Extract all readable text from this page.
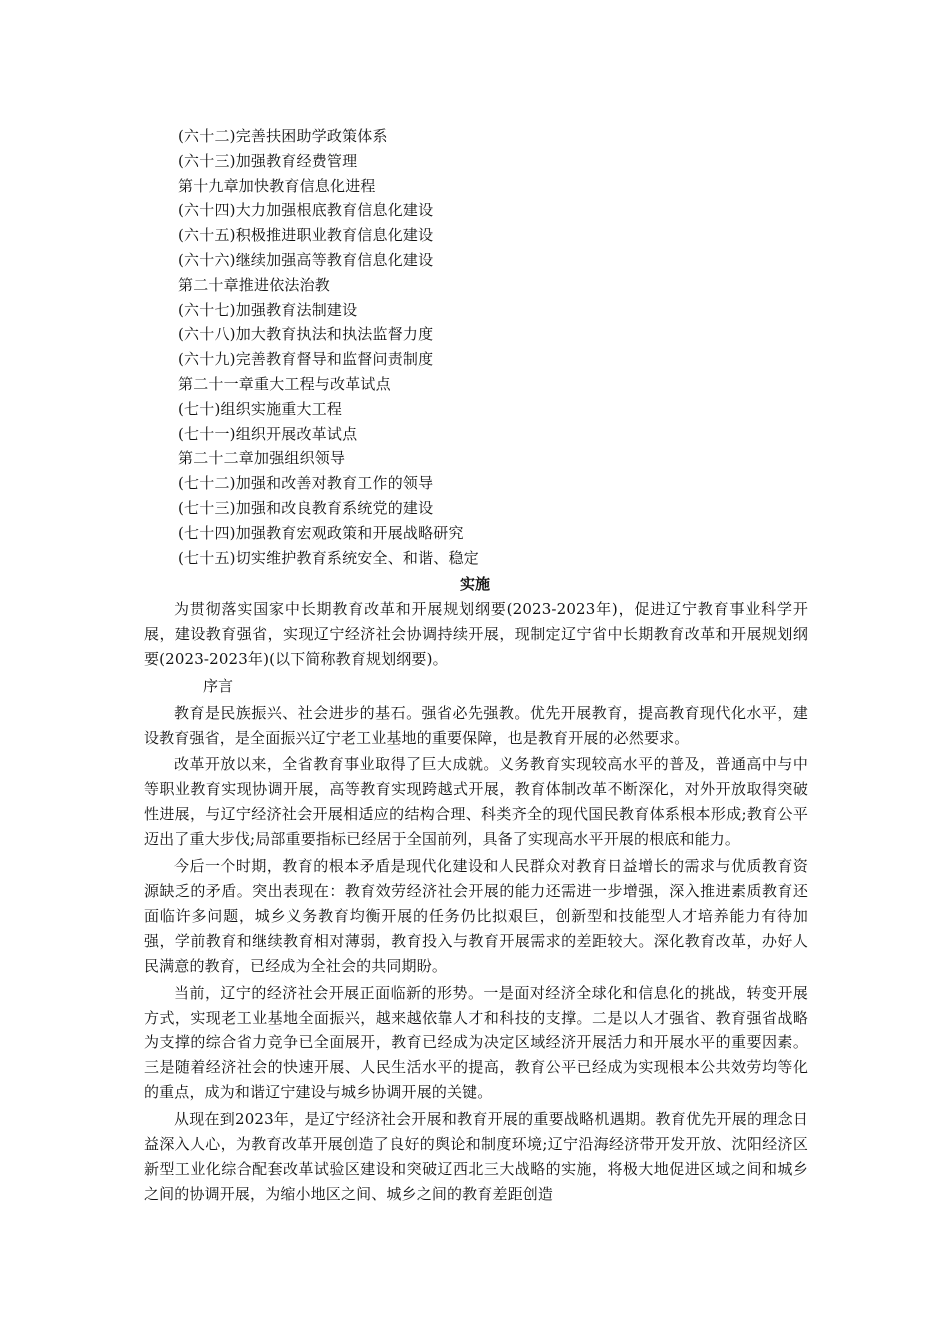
(六十二)完善扶困助学政策体系
(六十三)加强教育经费管理
第十九章加快教育信息化进程
(六十四)大力加强根底教育信息化建设
(六十五)积极推进职业教育信息化建设
(六十六)继续加强高等教育信息化建设
第二十章推进依法治教
(六十七)加强教育法制建设
(六十八)加大教育执法和执法监督力度
(六十九)完善教育督导和监督问责制度
第二十一章重大工程与改革试点
(七十)组织实施重大工程
(七十一)组织开展改革试点
第二十二章加强组织领导
(七十二)加强和改善对教育工作的领导
(七十三)加强和改良教育系统党的建设
(七十四)加强教育宏观政策和开展战略研究
(七十五)切实维护教育系统安全、和谐、稳定
实施

为贯彻落实国家中长期教育改革和开展规划纲要(2023-2023年)，促进辽宁教育事业科学开展，建设教育强省，实现辽宁经济社会协调持续开展，现制定辽宁省中长期教育改革和开展规划纲要(2023-2023年)(以下简称教育规划纲要)。

序言

教育是民族振兴、社会进步的基石。强省必先强教。优先开展教育，提高教育现代化水平，建设教育强省，是全面振兴辽宁老工业基地的重要保障，也是教育开展的必然要求。

改革开放以来，全省教育事业取得了巨大成就。义务教育实现较高水平的普及，普通高中与中等职业教育实现协调开展，高等教育实现跨越式开展，教育体制改革不断深化，对外开放取得突破性进展，与辽宁经济社会开展相适应的结构合理、科类齐全的现代国民教育体系根本形成;教育公平迈出了重大步伐;局部重要指标已经居于全国前列，具备了实现高水平开展的根底和能力。

今后一个时期，教育的根本矛盾是现代化建设和人民群众对教育日益增长的需求与优质教育资源缺乏的矛盾。突出表现在：教育效劳经济社会开展的能力还需进一步增强，深入推进素质教育还面临许多问题，城乡义务教育均衡开展的任务仍比拟艰巨，创新型和技能型人才培养能力有待加强，学前教育和继续教育相对薄弱，教育投入与教育开展需求的差距较大。深化教育改革，办好人民满意的教育，已经成为全社会的共同期盼。

当前，辽宁的经济社会开展正面临新的形势。一是面对经济全球化和信息化的挑战，转变开展方式，实现老工业基地全面振兴，越来越依靠人才和科技的支撑。二是以人才强省、教育强省战略为支撑的综合省力竞争已全面展开，教育已经成为决定区域经济开展活力和开展水平的重要因素。三是随着经济社会的快速开展、人民生活水平的提高，教育公平已经成为实现根本公共效劳均等化的重点，成为和谐辽宁建设与城乡协调开展的关键。

从现在到2023年，是辽宁经济社会开展和教育开展的重要战略机遇期。教育优先开展的理念日益深入人心，为教育改革开展创造了良好的舆论和制度环境;辽宁沿海经济带开发开放、沈阳经济区新型工业化综合配套改革试验区建设和突破辽西北三大战略的实施，将极大地促进区域之间和城乡之间的协调开展，为缩小地区之间、城乡之间的教育差距创造
